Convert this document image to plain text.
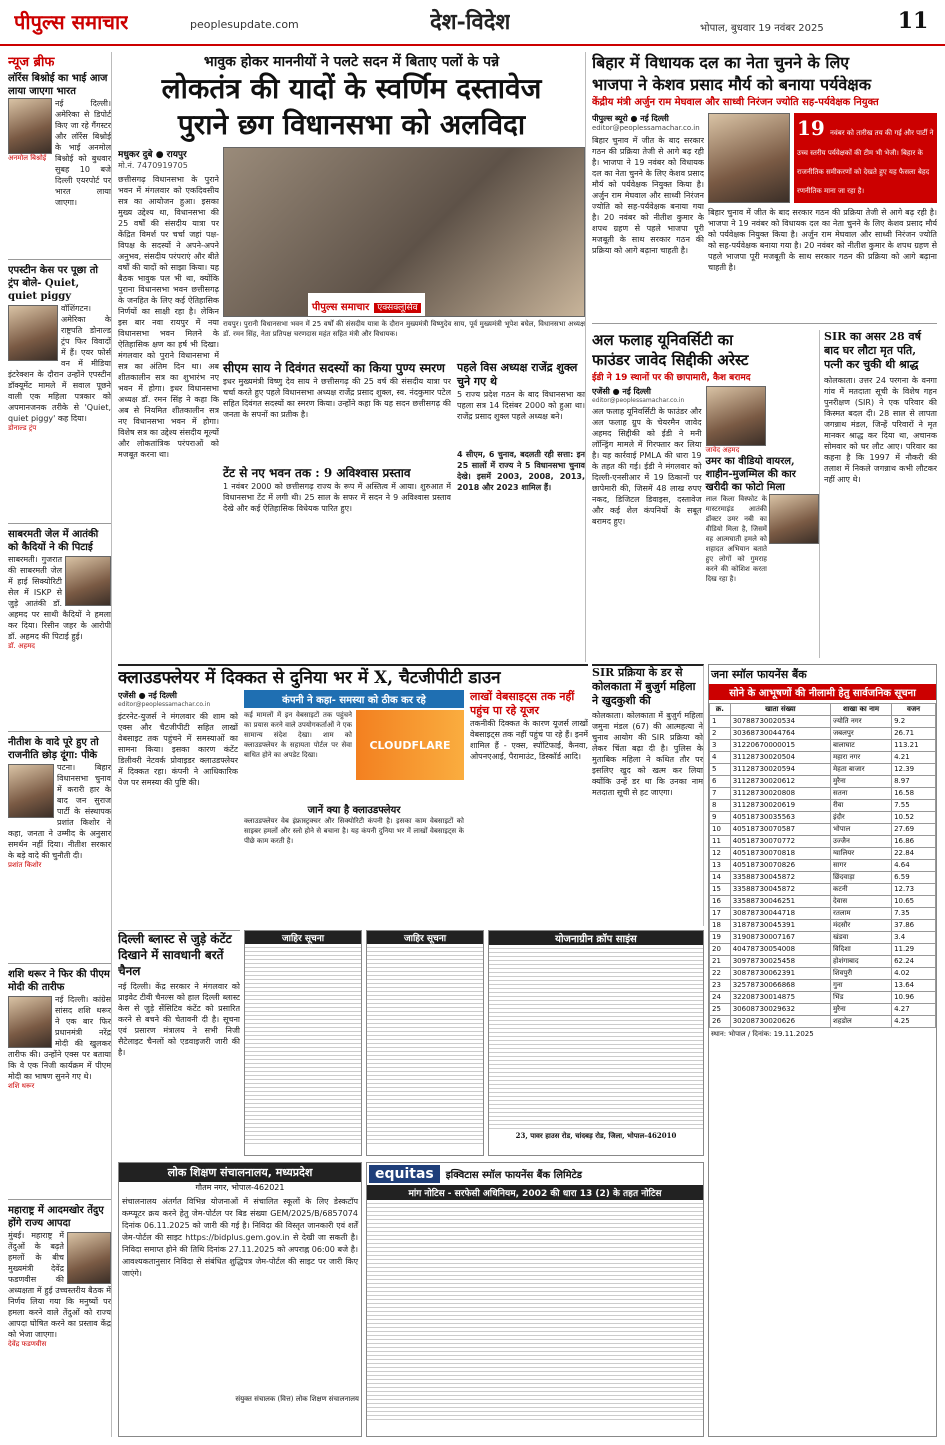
पीपुल्स समाचार	peoplesupdate.com	देश-विदेश	भोपाल, बुधवार 19 नवंबर 2025	11
न्यूज ब्रीफ
लॉरेंस बिश्नोई का भाई आज लाया जाएगा भारत
अनमोल बिश्नोई
नई दिल्ली। अमेरिका से डिपोर्ट किए जा रहे गैंगस्टर और लॉरेंस बिश्नोई के भाई अनमोल बिश्नोई को बुधवार सुबह 10 बजे दिल्ली एयरपोर्ट पर भारत लाया जाएगा।
एपस्टीन केस पर पूछा तो ट्रंप बोले- Quiet, quiet piggy
वॉशिंगटन। अमेरिका के राष्ट्रपति डोनाल्ड ट्रंप फिर विवादों में हैं। एयर फोर्स वन में मीडिया इंटरेक्शन के दौरान उन्होंने एपस्टीन डॉक्यूमेंट मामले में सवाल पूछने वाली एक महिला पत्रकार को अपमानजनक तरीके से 'Quiet, quiet piggy' कह दिया।
डोनाल्ड ट्रंप
साबरमती जेल में आतंकी को कैदियों ने की पिटाई
साबरमती। गुजरात की साबरमती जेल में हाई सिक्योरिटी सेल में ISKP से जुड़े आतंकी डॉ. अहमद पर साथी कैदियों ने हमला कर दिया। रिसीन जहर के आरोपी डॉ. अहमद की पिटाई हुई।
डॉ. अहमद
नीतीश के वादे पूरे हुए तो राजनीति छोड़ दूंगा: पीके
पटना। बिहार विधानसभा चुनाव में करारी हार के बाद जन सुराज पार्टी के संस्थापक प्रशांत किशोर ने कहा, जनता ने उम्मीद के अनुसार समर्थन नहीं दिया। नीतीश सरकार के बड़े वादे की चुनौती दी।
प्रशांत किशोर
शशि थरूर ने फिर की पीएम मोदी की तारीफ
नई दिल्ली। कांग्रेस सांसद शशि थरूर ने एक बार फिर प्रधानमंत्री नरेंद्र मोदी की खुलकर तारीफ की। उन्होंने एक्स पर बताया कि वे एक निजी कार्यक्रम में पीएम मोदी का भाषण सुनने गए थे।
शशि थरूर
महाराष्ट्र में आदमखोर तेंदुए होंगे राज्य आपदा
मुंबई। महाराष्ट्र में तेंदुओं के बढ़ते हमलों के बीच मुख्यमंत्री देवेंद्र फडणवीस की अध्यक्षता में हुई उच्चस्तरीय बैठक में निर्णय लिया गया कि मनुष्यों पर हमला करने वाले तेंदुओं को राज्य आपदा घोषित करने का प्रस्ताव केंद्र को भेजा जाएगा।
देवेंद्र फडणवीस
भावुक होकर माननीयों ने पलटे सदन में बिताए पलों के पन्ने
लोकतंत्र की यादों के स्वर्णिम दस्तावेज
पुराने छग विधानसभा को अलविदा
मधुकर दुबे ● रायपुर
मो.नं. 7470919705
छत्तीसगढ़ विधानसभा के पुराने भवन में मंगलवार को एकदिवसीय सत्र का आयोजन हुआ। इसका मुख्य उद्देश्य था, विधानसभा की 25 वर्षों की संसदीय यात्रा पर केंद्रित विमर्श पर चर्चा जहां पक्ष-विपक्ष के सदस्यों ने अपने-अपने अनुभव, संसदीय परंपराएं और बीते वर्षों की यादों को साझा किया। यह बैठक भावुक पल भी था, क्योंकि पुराना विधानसभा भवन छत्तीसगढ़ के जनहित के लिए कई ऐतिहासिक निर्णयों का साक्षी रहा है। लेकिन इस बार नवा रायपुर में नया विधानसभा भवन मिलने के ऐतिहासिक क्षण का हर्ष भी दिखा। मंगलवार को पुराने विधानसभा में सत्र का अंतिम दिन था। अब शीतकालीन सत्र का शुभारंभ नए भवन में होगा। इधर विधानसभा अध्यक्ष डॉ. रमन सिंह ने कहा कि अब से नियमित शीतकालीन सत्र नए विधानसभा भवन में होगा। विशेष सत्र का उद्देश्य संसदीय मूल्यों और लोकतांत्रिक परंपराओं को मजबूत करना था।
पीपुल्स समाचार एक्सक्लूसिव
रायपुर। पुरानी विधानसभा भवन में 25 वर्षों की संसदीय यात्रा के दौरान मुख्यमंत्री विष्णुदेव साय, पूर्व मुख्यमंत्री भूपेश बघेल, विधानसभा अध्यक्ष डॉ. रमन सिंह, नेता प्रतिपक्ष चरणदास महंत सहित मंत्री और विधायक।
सीएम साय ने दिवंगत सदस्यों का किया पुण्य स्मरण
इधर मुख्यमंत्री विष्णु देव साय ने छत्तीसगढ़ की 25 वर्ष की संसदीय यात्रा पर चर्चा करते हुए पहले विधानसभा अध्यक्ष राजेंद्र प्रसाद शुक्ल, स्व. नंदकुमार पटेल सहित दिवंगत सदस्यों का स्मरण किया। उन्होंने कहा कि यह सदन छत्तीसगढ़ की जनता के सपनों का प्रतीक है।
टेंट से नए भवन तक : 9 अविश्वास प्रस्ताव
1 नवंबर 2000 को छत्तीसगढ़ राज्य के रूप में अस्तित्व में आया। शुरुआत में विधानसभा टेंट में लगी थी। 25 साल के सफर में सदन ने 9 अविश्वास प्रस्ताव देखे और कई ऐतिहासिक विधेयक पारित हुए।
पहले विस अध्यक्ष राजेंद्र शुक्ल चुने गए थे
5 राज्य प्रदेश गठन के बाद विधानसभा का पहला सत्र 14 दिसंबर 2000 को हुआ था। राजेंद्र प्रसाद शुक्ल पहले अध्यक्ष बने।
4 सीएम, 6 चुनाव, बदलती रही सत्ता: इन 25 सालों में राज्य ने 5 विधानसभा चुनाव देखे। इसमें 2003, 2008, 2013, 2018 और 2023 शामिल हैं।
बिहार में विधायक दल का नेता चुनने के लिए
भाजपा ने केशव प्रसाद मौर्य को बनाया पर्यवेक्षक
केंद्रीय मंत्री अर्जुन राम मेघवाल और साध्वी निरंजन ज्योति सह-पर्यवेक्षक नियुक्त
पीपुल्स ब्यूरो ● नई दिल्ली
editor@peoplessamachar.co.in
बिहार चुनाव में जीत के बाद सरकार गठन की प्रक्रिया तेजी से आगे बढ़ रही है। भाजपा ने 19 नवंबर को विधायक दल का नेता चुनने के लिए केशव प्रसाद मौर्य को पर्यवेक्षक नियुक्त किया है। अर्जुन राम मेघवाल और साध्वी निरंजन ज्योति को सह-पर्यवेक्षक बनाया गया है। 20 नवंबर को नीतीश कुमार के शपथ ग्रहण से पहले भाजपा पूरी मजबूती के साथ सरकार गठन की प्रक्रिया को आगे बढ़ाना चाहती है।
19 नवंबर को तारीख तय की गई और पार्टी ने उच्च स्तरीय पर्यवेक्षकों की टीम भी भेजी। बिहार के राजनीतिक समीकरणों को देखते हुए यह फैसला बेहद रणनीतिक माना जा रहा है।
बिहार चुनाव में जीत के बाद सरकार गठन की प्रक्रिया तेजी से आगे बढ़ रही है। भाजपा ने 19 नवंबर को विधायक दल का नेता चुनने के लिए केशव प्रसाद मौर्य को पर्यवेक्षक नियुक्त किया है। अर्जुन राम मेघवाल और साध्वी निरंजन ज्योति को सह-पर्यवेक्षक बनाया गया है। 20 नवंबर को नीतीश कुमार के शपथ ग्रहण से पहले भाजपा पूरी मजबूती के साथ सरकार गठन की प्रक्रिया को आगे बढ़ाना चाहती है।
अल फलाह यूनिवर्सिटी का
फाउंडर जावेद सिद्दीकी अरेस्ट
ईडी ने 19 स्थानों पर की छापामारी, कैश बरामद
एजेंसी ● नई दिल्ली
editor@peoplessamachar.co.in
अल फलाह यूनिवर्सिटी के फाउंडर और अल फलाह ग्रुप के चेयरमैन जावेद अहमद सिद्दीकी को ईडी ने मनी लॉन्ड्रिंग मामले में गिरफ्तार कर लिया है। यह कार्रवाई PMLA की धारा 19 के तहत की गई। ईडी ने मंगलवार को दिल्ली-एनसीआर में 19 ठिकानों पर छापेमारी की, जिसमें 48 लाख रुपए नकद, डिजिटल डिवाइस, दस्तावेज और कई शेल कंपनियों के सबूत बरामद हुए।
जावेद अहमद
उमर का वीडियो वायरल, शाहीन-मुजम्मिल की कार खरीदी का फोटो मिला
लाल किला विस्फोट के मास्टरमाइंड आतंकी डॉक्टर उमर नबी का वीडियो मिला है, जिसमें वह आत्मघाती हमले को शहादत अभियान बताते हुए लोगों को गुमराह करने की कोशिश करता दिख रहा है।
SIR का असर 28 वर्ष बाद घर लौटा मृत पति, पत्नी कर चुकी थी श्राद्ध
कोलकाता। उत्तर 24 परगना के वनगा गांव में मतदाता सूची के विशेष गहन पुनरीक्षण (SIR) ने एक परिवार की किस्मत बदल दी। 28 साल से लापता जगन्नाथ मंडल, जिन्हें परिवारों ने मृत मानकर श्राद्ध कर दिया था, अचानक सोमवार को घर लौट आए। परिवार का कहना है कि 1997 में नौकरी की तलाश में निकले जगन्नाथ कभी लौटकर नहीं आए थे।
क्लाउडफ्लेयर में दिक्कत से दुनिया भर में X, चैटजीपीटी डाउन
एजेंसी ● नई दिल्ली
editor@peoplessamachar.co.in
इंटरनेट-युजर्स ने मंगलवार की शाम को एक्स और चैटजीपीटी सहित लाखों वेबसाइट तक पहुंचने में समस्याओं का सामना किया। इसका कारण कंटेंट डिलीवरी नेटवर्क प्रोवाइडर क्लाउडफ्लेयर में दिक्कत रहा। कंपनी ने आधिकारिक पेज पर समस्या की पुष्टि की।
कंपनी ने कहा- समस्या को ठीक कर रहे
कई मामलों में इन वेबसाइटों तक पहुंचने का प्रयास करने वाले उपयोगकर्ताओं ने एक सामान्य संदेश देखा। शाम को क्लाउडफ्लेयर के सहायता पोर्टल पर सेवा बाधित होने का अपडेट दिखा।
CLOUDFLARE
जानें क्या है क्लाउडफ्लेयर
क्लाउडफ्लेयर वेब इंफ्रास्ट्रक्चर और सिक्योरिटी कंपनी है। इसका काम वेबसाइटों को साइबर हमलों और स्लो होने से बचाना है। यह कंपनी दुनिया भर में लाखों वेबसाइट्स के पीछे काम करती है।
लाखों वेबसाइट्स तक नहीं पहुंच पा रहे यूजर
तकनीकी दिक्कत के कारण यूजर्स लाखों वेबसाइट्स तक नहीं पहुंच पा रहे हैं। इनमें शामिल हैं - एक्स, स्पॉटिफाई, कैनवा, ओपनएआई, पैरामाउंट, डिस्कॉर्ड आदि।
SIR प्रक्रिया के डर से कोलकाता में बुजुर्ग महिला ने खुदकुशी की
कोलकाता। कोलकाता में बुजुर्ग महिला जमुना मंडल (67) की आत्महत्या ने चुनाव आयोग की SIR प्रक्रिया को लेकर चिंता बढ़ा दी है। पुलिस के मुताबिक महिला ने कथित तौर पर इसलिए खुद को खत्म कर लिया क्योंकि उन्हें डर था कि उनका नाम मतदाता सूची से हट जाएगा।
जना स्मॉल फायनेंस बैंक
सोने के आभूषणों की नीलामी हेतु सार्वजनिक सूचना
क्र.	खाता संख्या	शाखा का नाम	वजन
1	30788730020534	ज्योति नगर	9.2
2	30368730044764	जबलपुर	26.71
3	31220670000015	बालाघाट	113.21
4	31128730020504	महारा नगर	4.21
5	31128730020594	मेहता बाजार	12.39
6	31128730020612	मुरैना	8.97
7	31128730020808	सतना	16.58
8	31128730020619	रीवा	7.55
9	40518730035563	इंदौर	10.52
10	40518730070587	भोपाल	27.69
11	40518730070772	उज्जैन	16.86
12	40518730070818	ग्वालियर	22.84
13	40518730070826	सागर	4.64
14	33588730045872	छिंदवाड़ा	6.59
15	33588730045872	कटनी	12.73
16	33588730046251	देवास	10.65
17	30878730044718	रतलाम	7.35
18	31878730045391	मंदसौर	37.86
19	31908730007167	खंडवा	3.4
20	40478730054008	विदिशा	11.29
21	30978730025458	होशंगाबाद	62.24
22	30878730062391	शिवपुरी	4.02
23	32578730066868	गुना	13.64
24	32208730014875	भिंड	10.96
25	30608730029632	मुरैना	4.27
26	30208730020626	शहडोल	4.25
स्थान: भोपाल / दिनांक: 19.11.2025
दिल्ली ब्लास्ट से जुड़े कंटेंट दिखाने में सावधानी बरतें चैनल
नई दिल्ली। केंद्र सरकार ने मंगलवार को प्राइवेट टीवी चैनल्स को हाल दिल्ली ब्लास्ट केस से जुड़े सेंसिटिव कंटेंट को प्रसारित करने से बचने की चेतावनी दी है। सूचना एवं प्रसारण मंत्रालय ने सभी निजी सैटेलाइट चैनलों को एडवाइजरी जारी की है।
जाहिर सूचना	जाहिर सूचना	योजनाग्रीन क्रॉप साइंस
23, पावर हाउस रोड, चांदबड़ रोड, जिला, भोपाल-462010
लोक शिक्षण संचालनालय, मध्यप्रदेश
गौतम नगर, भोपाल-462021
संचालनालय अंतर्गत विभिन्न योजनाओं में संचालित स्कूलों के लिए डेस्कटॉप कम्प्यूटर क्रय करने हेतु जेम-पोर्टल पर बिड संख्या GEM/2025/B/6857074 दिनांक 06.11.2025 को जारी की गई है। निविदा की विस्तृत जानकारी एवं शर्तें जेम-पोर्टल की साइट https://bidplus.gem.gov.in से देखी जा सकती है। निविदा समाप्त होने की तिथि दिनांक 27.11.2025 को अपराह्न 06:00 बजे है। आवश्यकतानुसार निविदा से संबंधित शुद्धिपत्र जेम-पोर्टल की साइट पर जारी किए जाएंगे।
संयुक्त संचालक (वित्त) लोक शिक्षण संचालनालय
equitas	इक्विटास स्मॉल फायनेंस बैंक लिमिटेड
मांग नोटिस - सरफेसी अधिनियम, 2002 की धारा 13 (2) के तहत नोटिस
